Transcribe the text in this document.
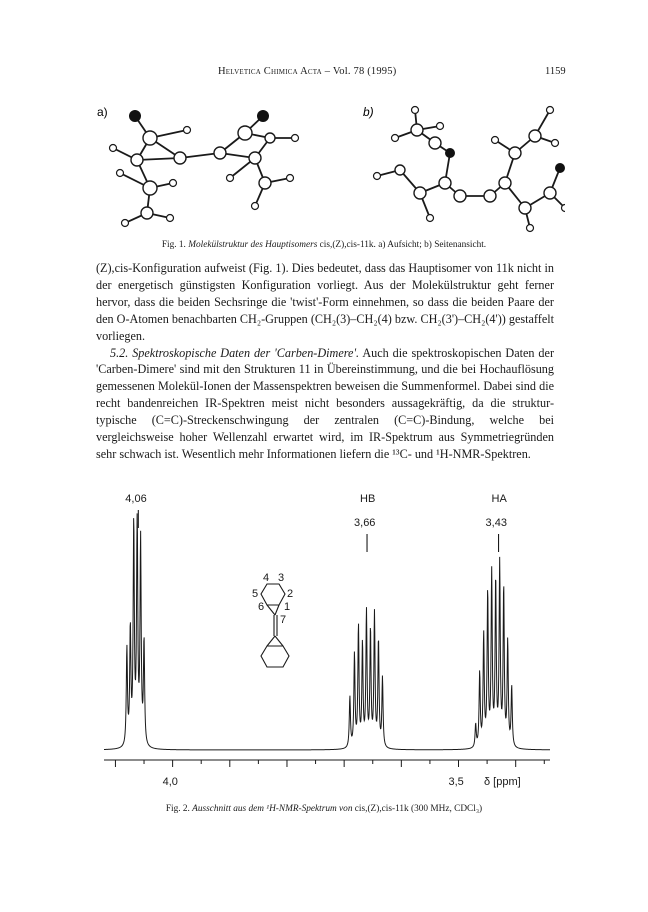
Helvetica Chimica Acta – Vol. 78 (1995)	1159
a)	b)
Fig. 1. Molekülstruktur des Hauptisomers cis,(Z),cis-11k. a) Aufsicht; b) Seitenansicht.

(Z),cis-Konfiguration aufweist (Fig. 1). Dies bedeutet, dass das Hauptisomer von 11k nicht in der energetisch günstigsten Konfiguration vorliegt. Aus der Molekülstruktur geht ferner hervor, dass die beiden Sechsringe die 'twist'-Form einnehmen, so dass die beiden Paare der den O-Atomen benachbarten CH₂-Gruppen (CH₂(3)–CH₂(4) bzw. CH₂(3')–CH₂(4')) gestaffelt vorliegen.

5.2. Spektroskopische Daten der 'Carben-Dimere'. Auch die spektroskopischen Daten der 'Carben-Dimere' sind mit den Strukturen 11 in Übereinstimmung, und die bei Hochauflösung gemessenen Molekül-Ionen der Massenspektren beweisen die Summenformel. Dabei sind die recht bandenreichen IR-Spektren meist nicht besonders aussagekräftig, da die struktur-typische (C=C)-Streckenschwingung der zentralen (C=C)-Bindung, welche bei vergleichsweise hoher Wellenzahl erwartet wird, im IR-Spektrum aus Symmetriegründen sehr schwach ist. Wesentlich mehr Informationen liefern die ¹³C- und ¹H-NMR-Spektren.

4,06	HB
3,66
HA
3,43
4 3
5	2
6 1
7
4,0	3,5 δ [ppm]
Fig. 2. Ausschnitt aus dem ¹H-NMR-Spektrum von cis,(Z),cis-11k (300 MHz, CDCl₃)
